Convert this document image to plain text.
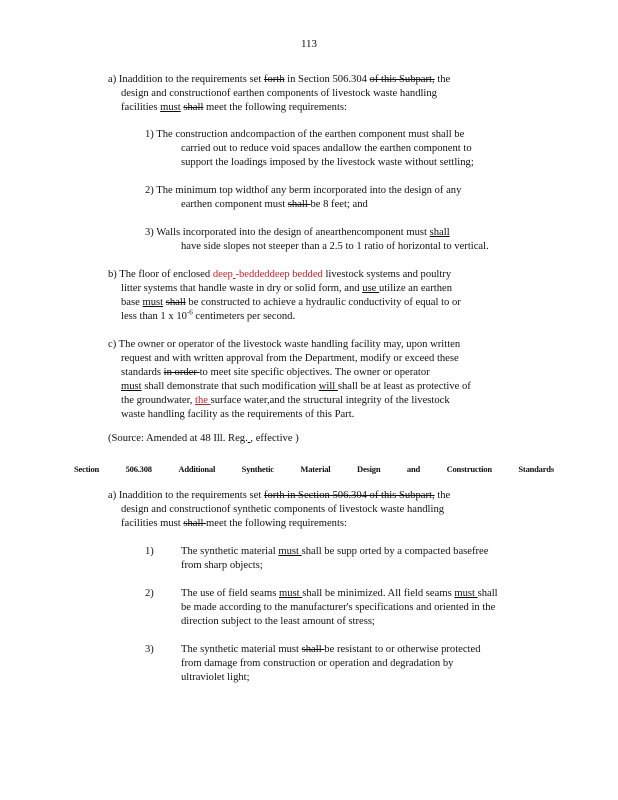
113
a) Inaddition to the requirements set forth in Section 506.304 of this Subpart, the
design and constructionof earthen components of livestock waste handling
facilities must shall meet the following requirements:
1) The construction andcompaction of the earthen component must shall be
carried out to reduce void spaces andallow the earthen component to
support the loadings imposed by the livestock waste without settling;
2) The minimum top widthof any berm incorporated into the design of any
earthen component must shall be 8 feet; and
3) Walls incorporated into the design of anearthencomponent must shall
have side slopes not steeper than a 2.5 to 1 ratio of horizontal to vertical.
b) The floor of enclosed deep -beddeddeep bedded livestock systems and poultry
litter systems that handle waste in dry or solid form, and use utilize an earthen
base must shall be constructed to achieve a hydraulic conductivity of equal to or
less than 1 x $10^{-6}$ centimeters per second.
c) The owner or operator of the livestock waste handling facility may, upon written
request and with written approval from the Department, modify or exceed these
standards in order to meet site specific objectives. The owner or operator
must shall demonstrate that such modification will shall be at least as protective of
the groundwater, the surface water,and the structural integrity of the livestock
waste handling facility as the requirements of this Part.
(Source: Amended at 48 Ill. Reg. , effective )
Section	506.308	Additional	Synthetic	Material	Design	and	Construction	Standards
a) Inaddition to the requirements set forth in Section 506.304 of this Subpart, the
design and constructionof synthetic components of livestock waste handling
facilities must shall meet the following requirements:
1)	The synthetic material must shall be supp orted by a compacted basefree
from sharp objects;
2)	The use of field seams must shall be minimized. All field seams must shall
be made according to the manufacturer's specifications and oriented in the
direction subject to the least amount of stress;
3)	The synthetic material must shall be resistant to or otherwise protected
from damage from construction or operation and degradation by
ultraviolet light;
